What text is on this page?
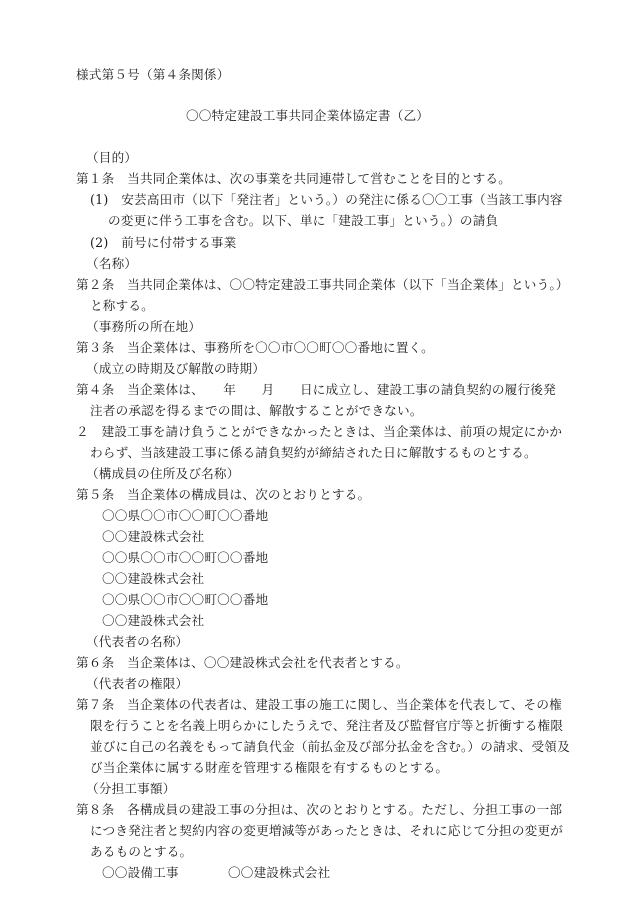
様式第５号（第４条関係）
〇〇特定建設工事共同企業体協定書（乙）
（目的）
第１条　当共同企業体は、次の事業を共同連帯して営むことを目的とする。
(1)　安芸高田市（以下「発注者」という。）の発注に係る〇〇工事（当該工事内容
の変更に伴う工事を含む。以下、単に「建設工事」という。）の請負
(2)　前号に付帯する事業
（名称）
第２条　当共同企業体は、〇〇特定建設工事共同企業体（以下「当企業体」という。）
と称する。
（事務所の所在地）
第３条　当企業体は、事務所を〇〇市〇〇町〇〇番地に置く。
（成立の時期及び解散の時期）
第４条　当企業体は、　　年　　月　　日に成立し、建設工事の請負契約の履行後発
注者の承認を得るまでの間は、解散することができない。
２　建設工事を請け負うことができなかったときは、当企業体は、前項の規定にかか
わらず、当該建設工事に係る請負契約が締結された日に解散するものとする。
（構成員の住所及び名称）
第５条　当企業体の構成員は、次のとおりとする。
〇〇県〇〇市〇〇町〇〇番地
〇〇建設株式会社
〇〇県〇〇市〇〇町〇〇番地
〇〇建設株式会社
〇〇県〇〇市〇〇町〇〇番地
〇〇建設株式会社
（代表者の名称）
第６条　当企業体は、〇〇建設株式会社を代表者とする。
（代表者の権限）
第７条　当企業体の代表者は、建設工事の施工に関し、当企業体を代表して、その権
限を行うことを名義上明らかにしたうえで、発注者及び監督官庁等と折衝する権限
並びに自己の名義をもって請負代金（前払金及び部分払金を含む。）の請求、受領及
び当企業体に属する財産を管理する権限を有するものとする。
（分担工事額）
第８条　各構成員の建設工事の分担は、次のとおりとする。ただし、分担工事の一部
につき発注者と契約内容の変更増減等があったときは、それに応じて分担の変更が
あるものとする。
〇〇設備工事	〇〇建設株式会社
